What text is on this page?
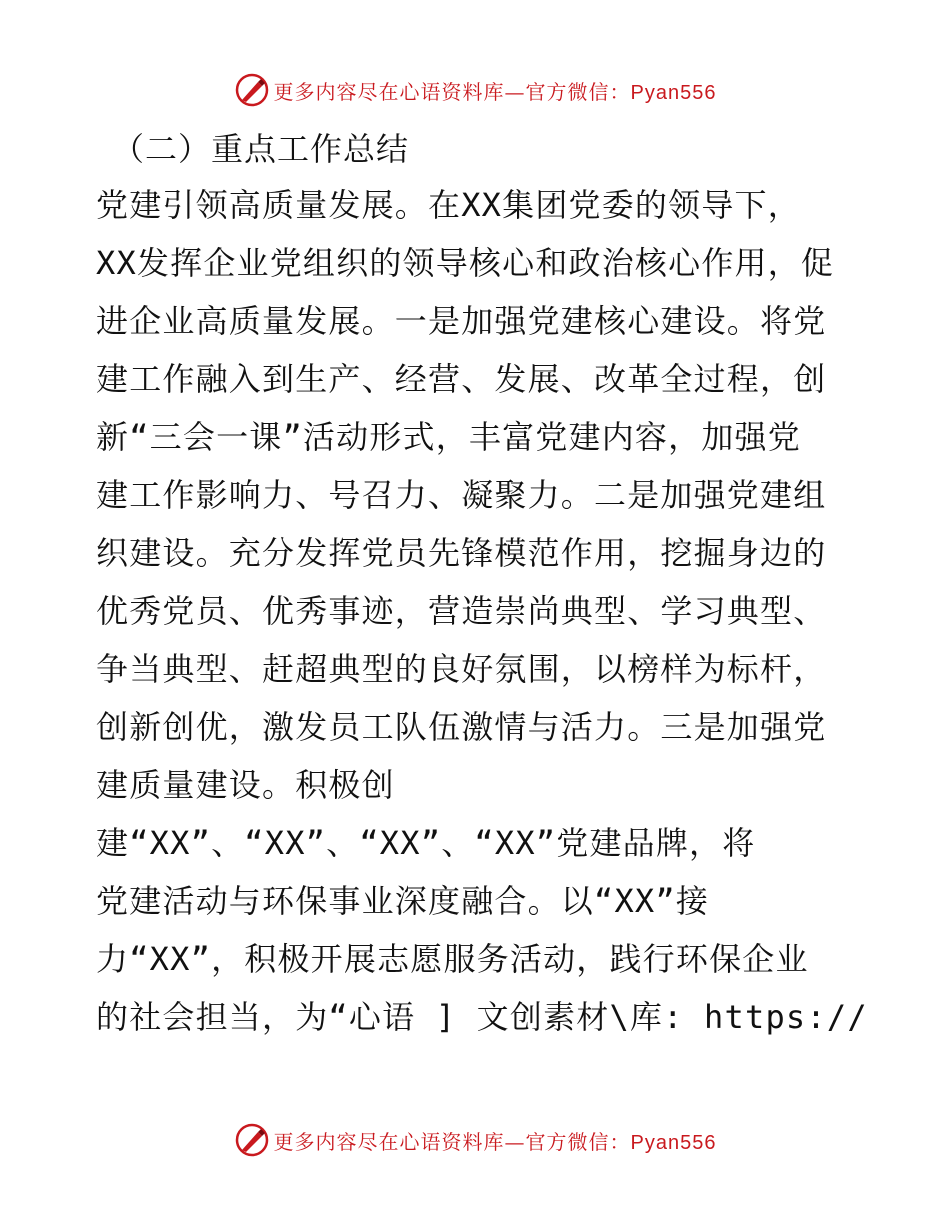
更多内容尽在心语资料库—官方微信：Pyan556
（二）重点工作总结
党建引领高质量发展。在XX集团党委的领导下，
XX发挥企业党组织的领导核心和政治核心作用，促
进企业高质量发展。一是加强党建核心建设。将党
建工作融入到生产、经营、发展、改革全过程，创
新“三会一课”活动形式，丰富党建内容，加强党
建工作影响力、号召力、凝聚力。二是加强党建组
织建设。充分发挥党员先锋模范作用，挖掘身边的
优秀党员、优秀事迹，营造崇尚典型、学习典型、
争当典型、赶超典型的良好氛围，以榜样为标杆，
创新创优，激发员工队伍激情与活力。三是加强党
建质量建设。积极创
建“XX”、“XX”、“XX”、“XX”党建品牌，将
党建活动与环保事业深度融合。以“XX”接
力“XX”，积极开展志愿服务活动，践行环保企业
的社会担当，为“心语 ] 文创素材\库: https://
更多内容尽在心语资料库—官方微信：Pyan556
